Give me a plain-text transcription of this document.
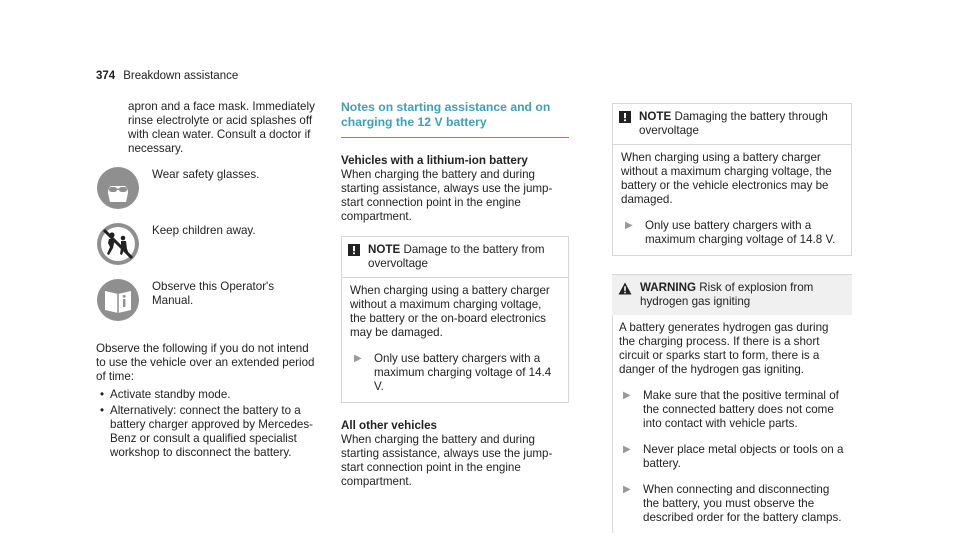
374 Breakdown assistance

apron and a face mask. Immediately rinse electrolyte or acid splashes off with clean water. Consult a doctor if necessary.

Wear safety glasses.
Keep children away.
Observe this Operator's Manual.

Observe the following if you do not intend to use the vehicle over an extended period of time:

• Activate standby mode.
• Alternatively: connect the battery to a battery charger approved by Mercedes-Benz or consult a qualified specialist workshop to disconnect the battery.
Notes on starting assistance and on charging the 12 V battery

Vehicles with a lithium-ion battery
When charging the battery and during starting assistance, always use the jump-start connection point in the engine compartment.

NOTE Damage to the battery from overvoltage

When charging using a battery charger without a maximum charging voltage, the battery or the on-board electronics may be damaged.

▶	Only use battery chargers with a maximum charging voltage of 14.4 V.

All other vehicles
When charging the battery and during starting assistance, always use the jump-start connection point in the engine compartment.

NOTE Damaging the battery through overvoltage

When charging using a battery charger without a maximum charging voltage, the battery or the vehicle electronics may be damaged.

▶	Only use battery chargers with a maximum charging voltage of 14.8 V.
WARNING Risk of explosion from hydrogen gas igniting

A battery generates hydrogen gas during the charging process. If there is a short circuit or sparks start to form, there is a danger of the hydrogen gas igniting.

▶	Make sure that the positive terminal of the connected battery does not come into contact with vehicle parts.
▶	Never place metal objects or tools on a battery.
▶	When connecting and disconnecting the battery, you must observe the described order for the battery clamps.
